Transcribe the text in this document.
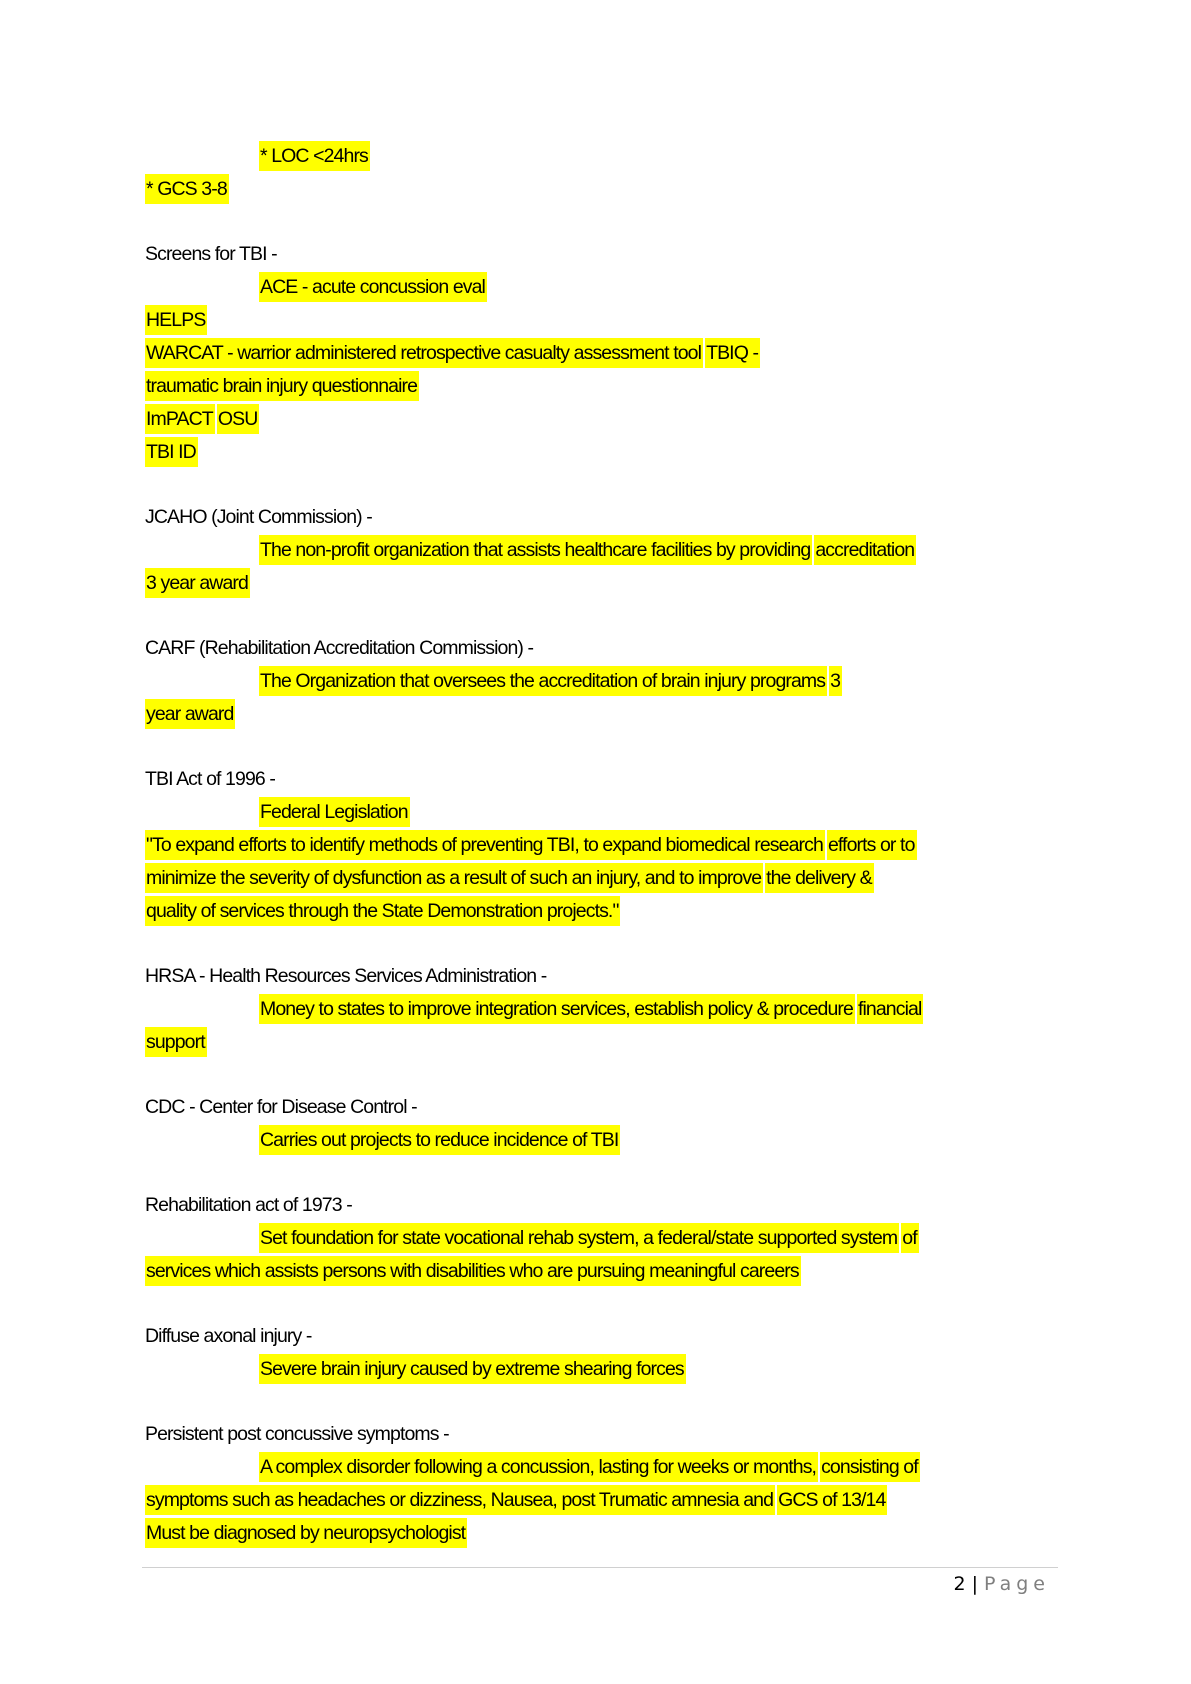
* LOC <24hrs
* GCS 3-8
Screens for TBI -
ACE - acute concussion eval
HELPS
WARCAT - warrior administered retrospective casualty assessment tool TBIQ -
traumatic brain injury questionnaire
ImPACT OSU
TBI ID
JCAHO (Joint Commission) -
The non-profit organization that assists healthcare facilities by providing accreditation
3 year award
CARF (Rehabilitation Accreditation Commission) -
The Organization that oversees the accreditation of brain injury programs 3
year award
TBI Act of 1996 -
Federal Legislation
"To expand efforts to identify methods of preventing TBI, to expand biomedical research efforts or to
minimize the severity of dysfunction as a result of such an injury, and to improve the delivery &
quality of services through the State Demonstration projects."
HRSA - Health Resources Services Administration -
Money to states to improve integration services, establish policy & procedure financial
support
CDC - Center for Disease Control -
Carries out projects to reduce incidence of TBI
Rehabilitation act of 1973 -
Set foundation for state vocational rehab system, a federal/state supported system of
services which assists persons with disabilities who are pursuing meaningful careers
Diffuse axonal injury -
Severe brain injury caused by extreme shearing forces
Persistent post concussive symptoms -
A complex disorder following a concussion, lasting for weeks or months, consisting of
symptoms such as headaches or dizziness, Nausea, post Trumatic amnesia and GCS of 13/14
Must be diagnosed by neuropsychologist
2 | Page
